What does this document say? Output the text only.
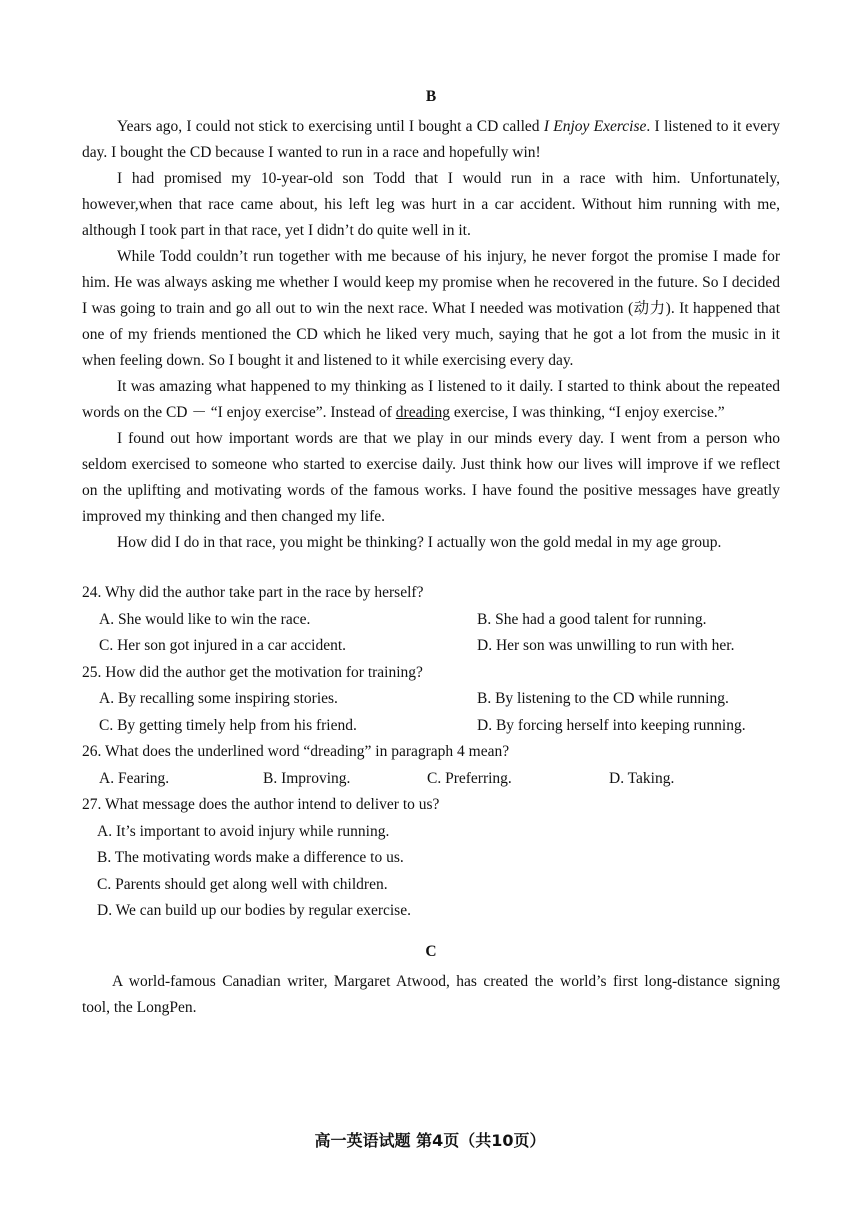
B

Years ago, I could not stick to exercising until I bought a CD called I Enjoy Exercise. I listened to it every day. I bought the CD because I wanted to run in a race and hopefully win!

I had promised my 10-year-old son Todd that I would run in a race with him. Unfortunately, however,when that race came about, his left leg was hurt in a car accident. Without him running with me, although I took part in that race, yet I didn’t do quite well in it.

While Todd couldn’t run together with me because of his injury, he never forgot the promise I made for him. He was always asking me whether I would keep my promise when he recovered in the future. So I decided I was going to train and go all out to win the next race. What I needed was motivation (动力). It happened that one of my friends mentioned the CD which he liked very much, saying that he got a lot from the music in it when feeling down. So I bought it and listened to it while exercising every day.

It was amazing what happened to my thinking as I listened to it daily. I started to think about the repeated words on the CD － “I enjoy exercise”. Instead of dreading exercise, I was thinking, “I enjoy exercise.”

I found out how important words are that we play in our minds every day. I went from a person who seldom exercised to someone who started to exercise daily. Just think how our lives will improve if we reflect on the uplifting and motivating words of the famous works. I have found the positive messages have greatly improved my thinking and then changed my life.

How did I do in that race, you might be thinking? I actually won the gold medal in my age group.

24. Why did the author take part in the race by herself?

A. She would like to win the race.	B. She had a good talent for running.
C. Her son got injured in a car accident.	D. Her son was unwilling to run with her.

25. How did the author get the motivation for training?

A. By recalling some inspiring stories.	B. By listening to the CD while running.
C. By getting timely help from his friend.	D. By forcing herself into keeping running.

26. What does the underlined word “dreading” in paragraph 4 mean?

A. Fearing.	B. Improving.	C. Preferring.	D. Taking.

27. What message does the author intend to deliver to us?

A. It’s important to avoid injury while running.
B. The motivating words make a difference to us.
C. Parents should get along well with children.
D. We can build up our bodies by regular exercise.
C

A world-famous Canadian writer, Margaret Atwood, has created the world’s first long-distance signing tool, the LongPen.

高一英语试题 第4页（共10页）
